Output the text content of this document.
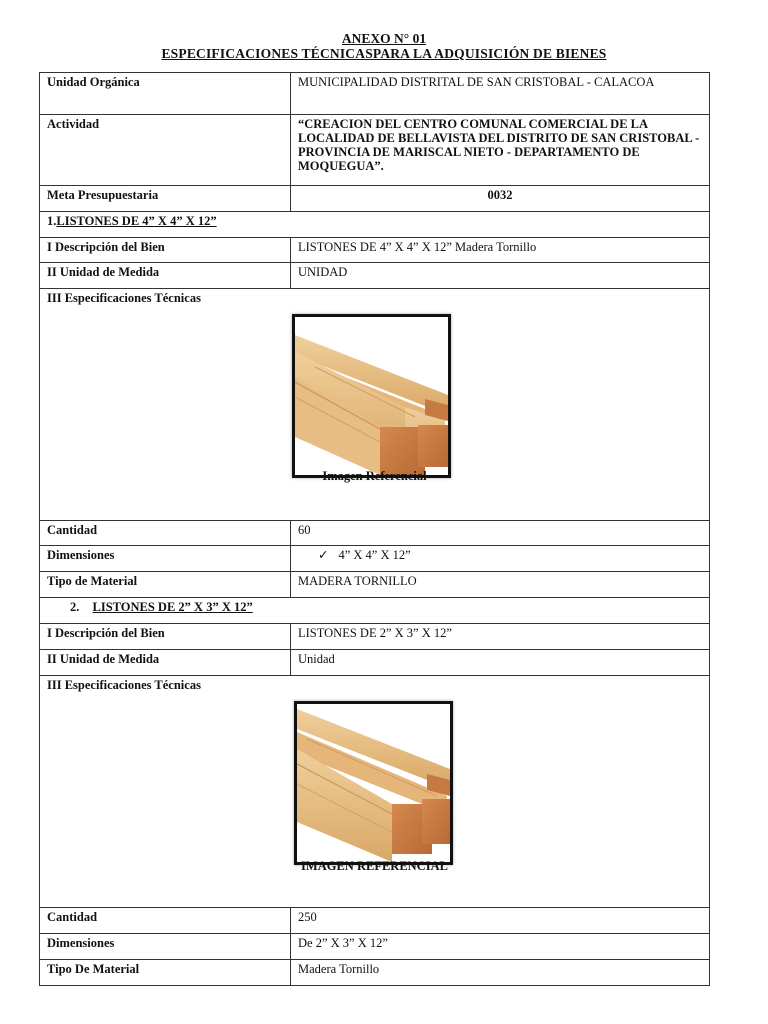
ANEXO N° 01
ESPECIFICACIONES TÉCNICASPARA LA ADQUISICIÓN DE BIENES
Unidad Orgánica	MUNICIPALIDAD DISTRITAL DE SAN CRISTOBAL - CALACOA
Actividad	“CREACION DEL CENTRO COMUNAL COMERCIAL DE LA LOCALIDAD DE BELLAVISTA DEL DISTRITO DE SAN CRISTOBAL - PROVINCIA DE MARISCAL NIETO - DEPARTAMENTO DE MOQUEGUA”.
Meta Presupuestaria	0032
1.LISTONES DE 4” X 4” X 12”	
I Descripción del Bien	LISTONES DE 4” X 4” X 12” Madera Tornillo
II Unidad de Medida	UNIDAD

III Especificaciones Técnicas
Imagen Referencial	

Cantidad	60
Dimensiones	✓ 4” X 4” X 12”
Tipo de Material	MADERA TORNILLO
2. LISTONES DE 2” X 3” X 12”	
I Descripción del Bien	LISTONES DE 2” X 3” X 12”
II Unidad de Medida	Unidad

III Especificaciones Técnicas
IMAGEN REFERENCIAL	

Cantidad	250
Dimensiones	De 2” X 3” X 12”
Tipo De Material	Madera Tornillo
